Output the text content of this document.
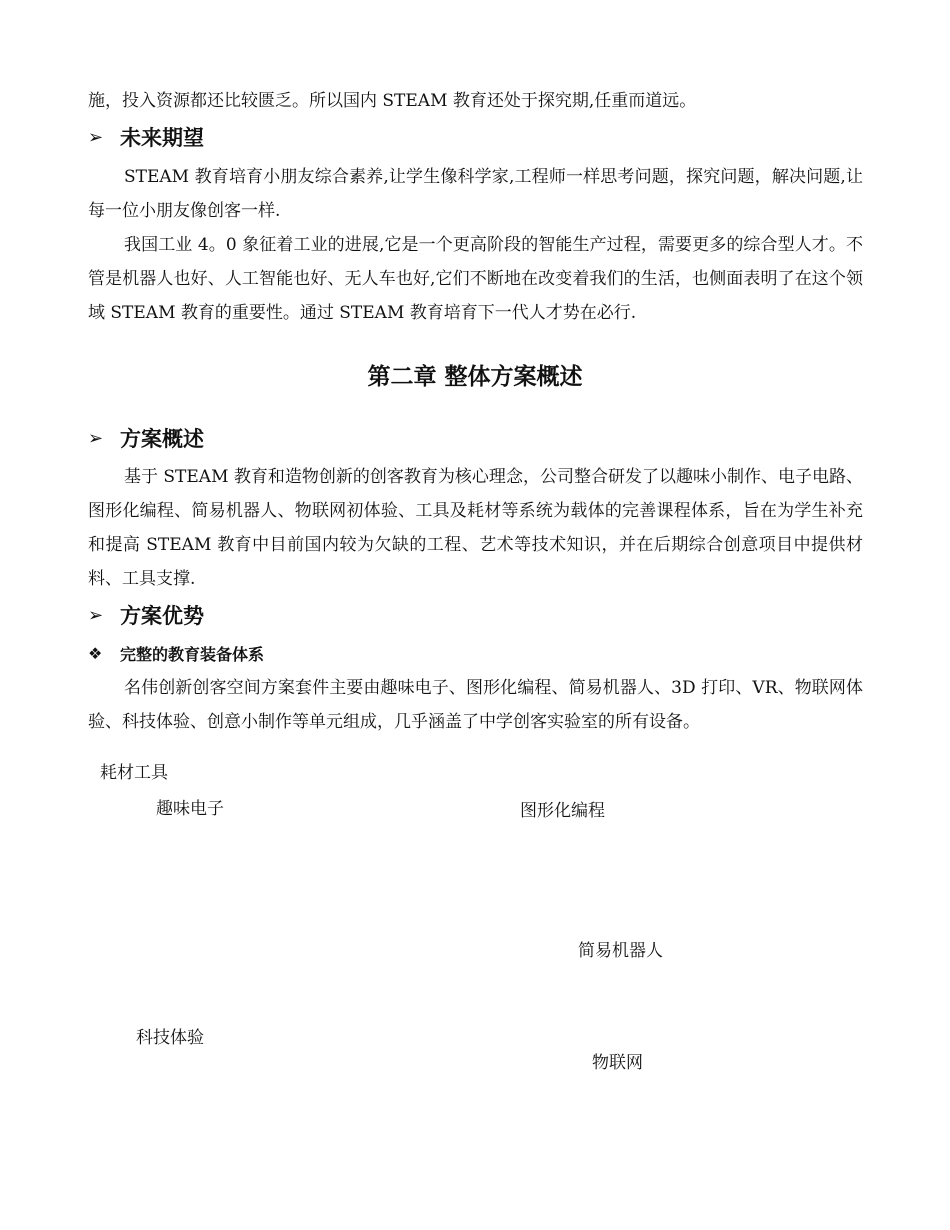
施，投入资源都还比较匮乏。所以国内 STEAM 教育还处于探究期,任重而道远。

➢ 未来期望

STEAM 教育培育小朋友综合素养,让学生像科学家,工程师一样思考问题，探究问题，解决问题,让每一位小朋友像创客一样.

我国工业 4。0 象征着工业的进展,它是一个更高阶段的智能生产过程，需要更多的综合型人才。不管是机器人也好、人工智能也好、无人车也好,它们不断地在改变着我们的生活，也侧面表明了在这个领域 STEAM 教育的重要性。通过 STEAM 教育培育下一代人才势在必行.

第二章 整体方案概述
➢ 方案概述

基于 STEAM 教育和造物创新的创客教育为核心理念，公司整合研发了以趣味小制作、电子电路、图形化编程、简易机器人、物联网初体验、工具及耗材等系统为载体的完善课程体系，旨在为学生补充和提高 STEAM 教育中目前国内较为欠缺的工程、艺术等技术知识，并在后期综合创意项目中提供材料、工具支撑.

➢ 方案优势
❖	完整的教育装备体系

名伟创新创客空间方案套件主要由趣味电子、图形化编程、简易机器人、3D 打印、VR、物联网体验、科技体验、创意小制作等单元组成，几乎涵盖了中学创客实验室的所有设备。

耗材工具
趣味电子	图形化编程
简易机器人
科技体验
物联网
